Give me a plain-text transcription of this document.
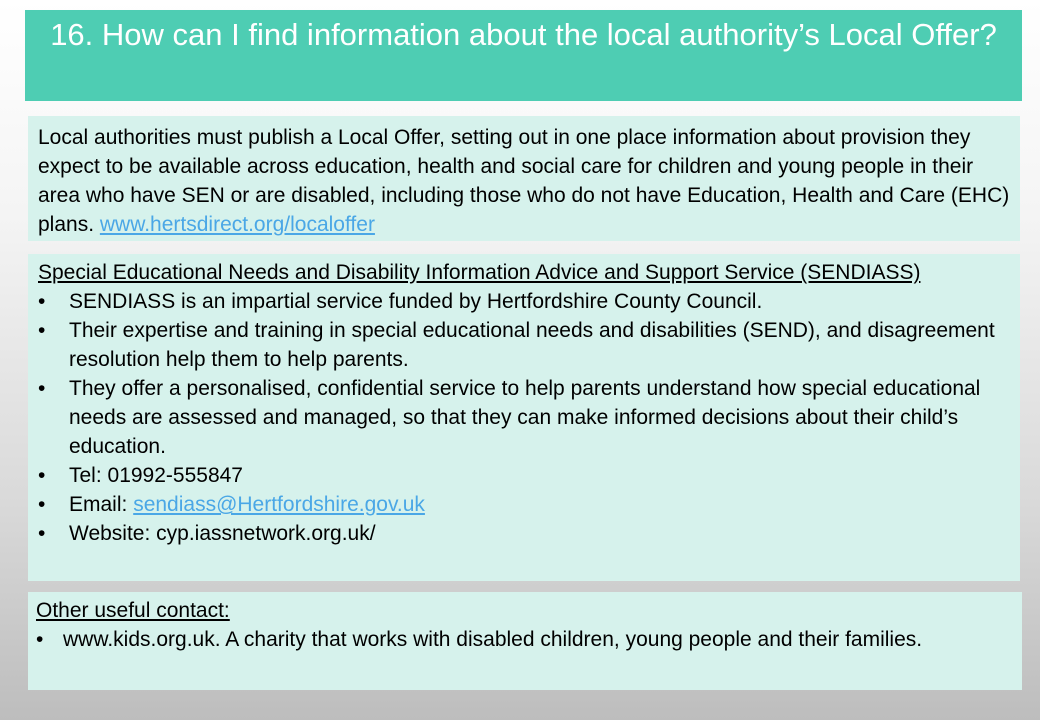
16. How can I find information about the local authority’s Local Offer?
Local authorities must publish a Local Offer, setting out in one place information about provision they expect to be available across education, health and social care for children and young people in their area who have SEN or are disabled, including those who do not have Education, Health and Care (EHC) plans. www.hertsdirect.org/localoffer
Special Educational Needs and Disability Information Advice and Support Service (SENDIASS)
• SENDIASS is an impartial service funded by Hertfordshire County Council.
• Their expertise and training in special educational needs and disabilities (SEND), and disagreement resolution help them to help parents.
• They offer a personalised, confidential service to help parents understand how special educational needs are assessed and managed, so that they can make informed decisions about their child’s education.
• Tel: 01992-555847
• Email: sendiass@Hertfordshire.gov.uk
• Website: cyp.iassnetwork.org.uk/
Other useful contact:
• www.kids.org.uk. A charity that works with disabled children, young people and their families.
